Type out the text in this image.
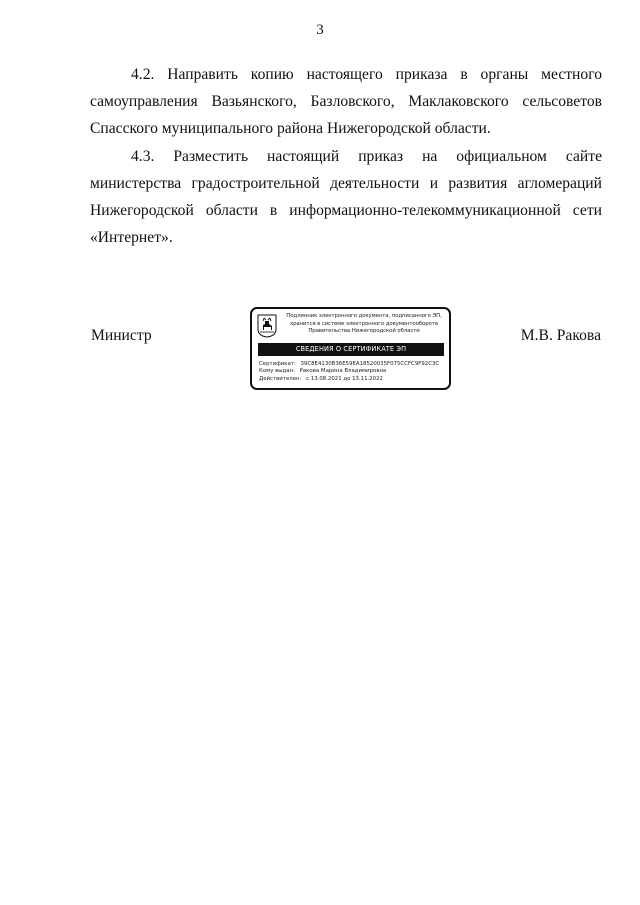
3

4.2. Направить копию настоящего приказа в органы местного самоуправления Вазьянского, Базловского, Маклаковского сельсоветов Спасского муниципального района Нижегородской области.

4.3. Разместить настоящий приказ на официальном сайте министерства градостроительной деятельности и развития агломераций Нижегородской области в информационно-телекоммуникационной сети «Интернет».

Министр
Подлинник электронного документа, подписанного ЭП,
хранится в системе электронного документооборота
Правительства Нижегородской области
СВЕДЕНИЯ О СЕРТИФИКАТЕ ЭП
Сертификат: 39C8E4130B36E59EA18520035F075CCFC9F92C3C
Кому выдан: Ракова Марина Владимировна
Действителен: с 13.08.2021 до 13.11.2022
М.В. Ракова
